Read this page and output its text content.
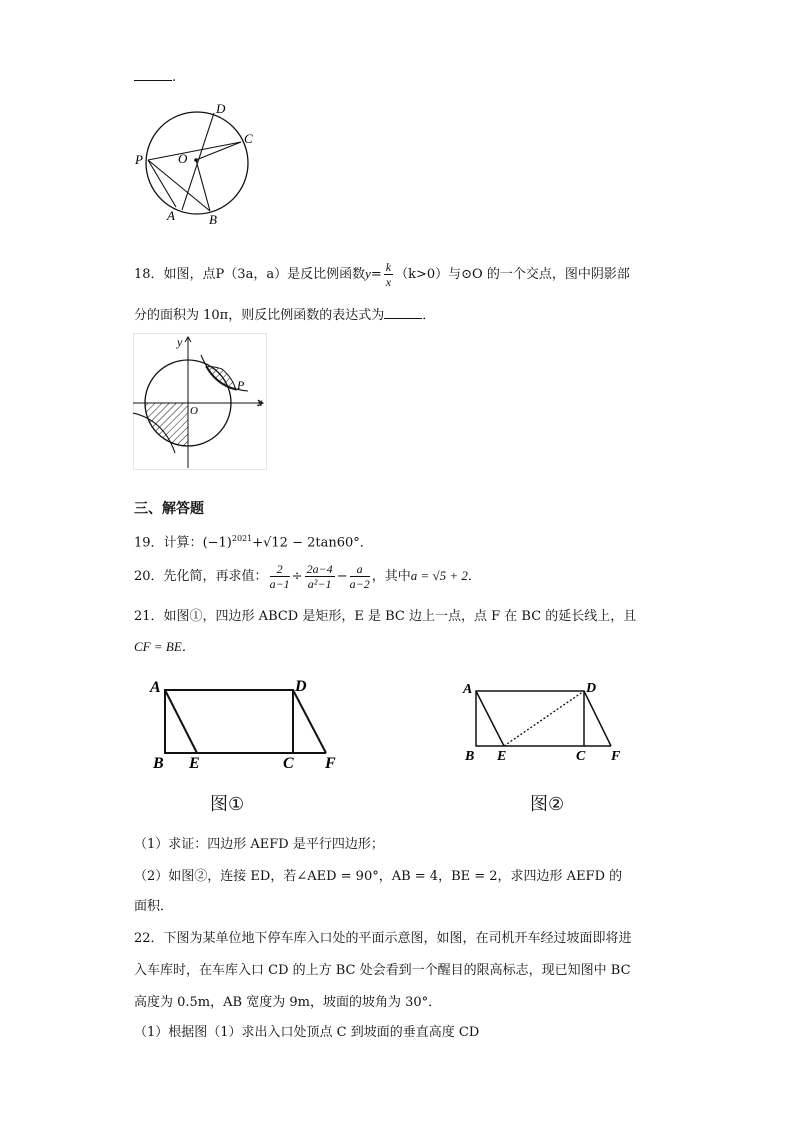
.
D
C
P	O
A	B
18．如图，点P（3a，a）是反比例函数$y= \frac{k}{x} (k>0)$与⊙O 的一个交点，图中阴影部
分的面积为 10π，则反比例函数的表达式为	．
y
x
O
P
三、解答题
19．计算：$(-1)^{2021}+√12 - 2\tan 60^\circ$．
20．先化简，再求值： $\frac{2}{a-1} \div \frac{2a-4}{\text{a²−1}} - \frac{a}{a-2}$ ，其中a = √5 + 2．
21．如图①，四边形 ABCD 是矩形，E 是 BC 边上一点，点 F 在 BC 的延长线上，且
CF = BE．
A	D
B E	C F
图①
A	D
B E	C F
图②
（1）求证：四边形 AEFD 是平行四边形；
（2）如图②，连接 ED，若∠AED = 90°，AB = 4，BE = 2，求四边形 AEFD 的
面积．
22．下图为某单位地下停车库入口处的平面示意图，如图，在司机开车经过坡面即将进
入车库时，在车库入口 CD 的上方 BC 处会看到一个醒目的限高标志，现已知图中 BC
高度为 0.5m，AB 宽度为 9m，坡面的坡角为 30°．
（1）根据图（1）求出入口处顶点 C 到坡面的垂直高度 CD
